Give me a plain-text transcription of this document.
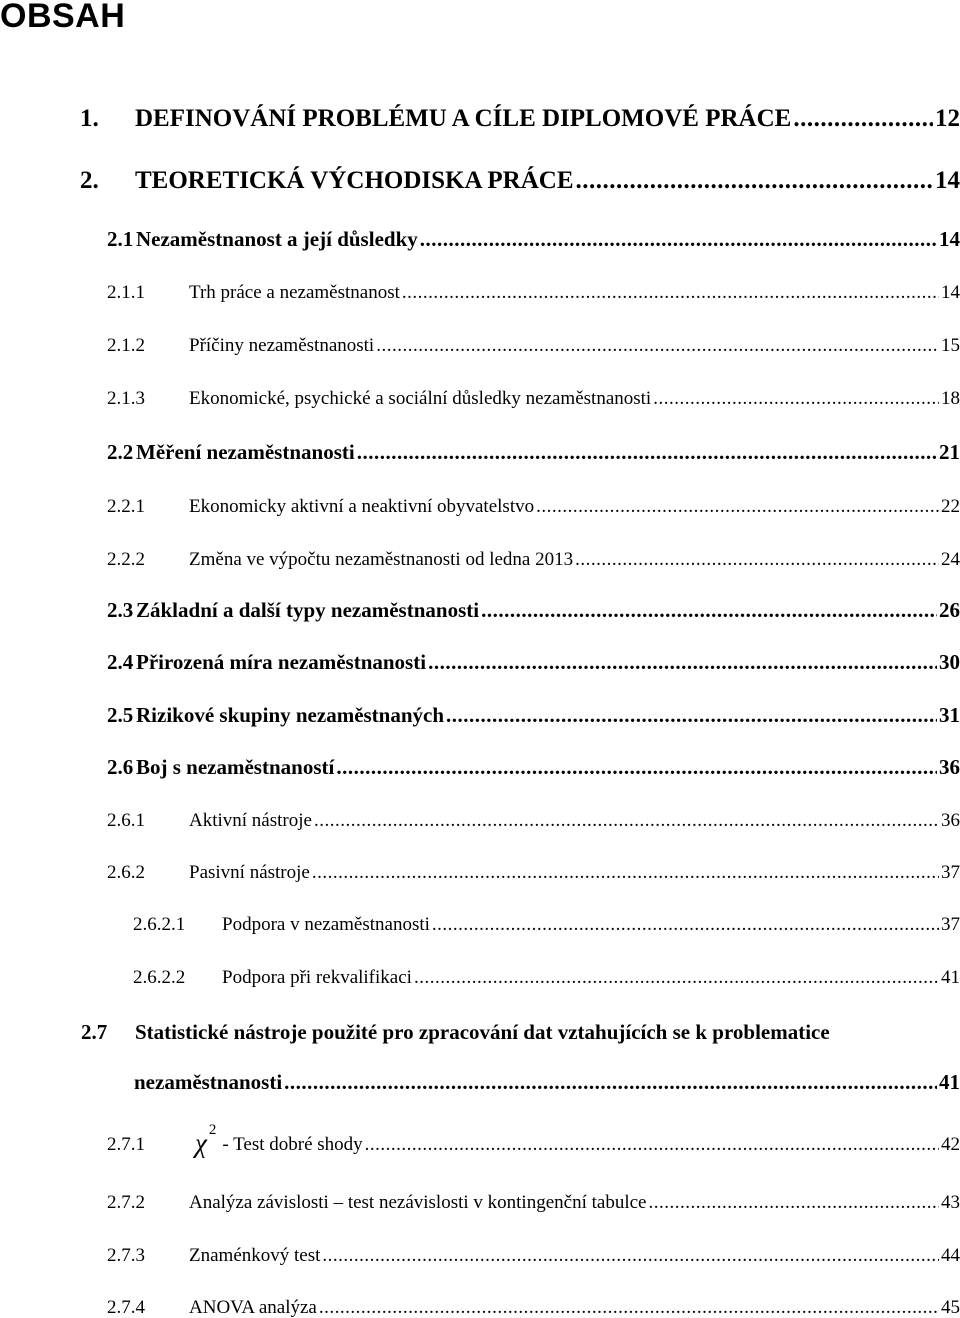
OBSAH
1.	DEFINOVÁNÍ PROBLÉMU A CÍLE DIPLOMOVÉ PRÁCE .....	12
2.	TEORETICKÁ VÝCHODISKA PRÁCE .....	14
2.1 Nezaměstnanost a její důsledky .....	14
2.1.1	Trh práce a nezaměstnanost .....	14
2.1.2	Příčiny nezaměstnanosti .....	15
2.1.3	Ekonomické, psychické a sociální důsledky nezaměstnanosti .....	18
2.2 Měření nezaměstnanosti .....	21
2.2.1	Ekonomicky aktivní a neaktivní obyvatelstvo .....	22
2.2.2	Změna ve výpočtu nezaměstnanosti od ledna 2013 .....	24
2.3 Základní a další typy nezaměstnanosti .....	26
2.4 Přirozená míra nezaměstnanosti .....	30
2.5 Rizikové skupiny nezaměstnaných .....	31
2.6 Boj s nezaměstnaností .....	36
2.6.1	Aktivní nástroje .....	36
2.6.2	Pasivní nástroje .....	37
2.6.2.1	Podpora v nezaměstnanosti .....	37
2.6.2.2	Podpora při rekvalifikaci .....	41
2.7	Statistické nástroje použité pro zpracování dat vztahujících se k problematice
nezaměstnanosti .....	41
2.7.1	χ $^2$
- Test dobré shody .....	42
2.7.2	Analýza závislosti – test nezávislosti v kontingenční tabulce .....	43
2.7.3	Znaménkový test .....	44
2.7.4	ANOVA analýza .....	45
